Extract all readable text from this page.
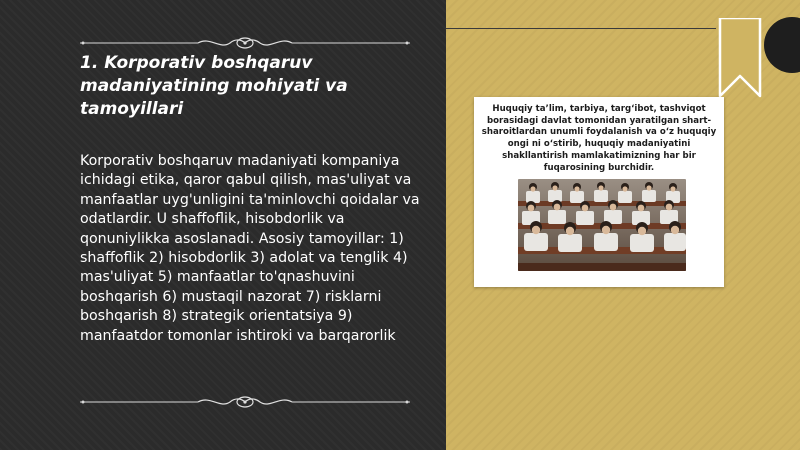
1. Korporativ boshqaruv madaniyatining mohiyati va tamoyillari

Korporativ boshqaruv madaniyati kompaniya ichidagi etika, qaror qabul qilish, mas'uliyat va manfaatlar uyg'unligini ta'minlovchi qoidalar va odatlardir. U shaffoflik, hisobdorlik va qonuniylikka asoslanadi. Asosiy tamoyillar: 1) shaffoflik 2) hisobdorlik 3) adolat va tenglik 4) mas'uliyat 5) manfaatlar to'qnashuvini boshqarish 6) mustaqil nazorat 7) risklarni boshqarish 8) strategik orientatsiya 9) manfaatdor tomonlar ishtiroki va barqarorlik

Huquqiy ta’lim, tarbiya, targ‘ibot, tashviqot borasidagi davlat tomonidan yaratilgan shart-sharoitlardan unumli foydalanish va o‘z huquqiy ongi ni o‘stirib, huquqiy madaniyatini shakllantirish mamlakatimizning har bir fuqarosining burchidir.
